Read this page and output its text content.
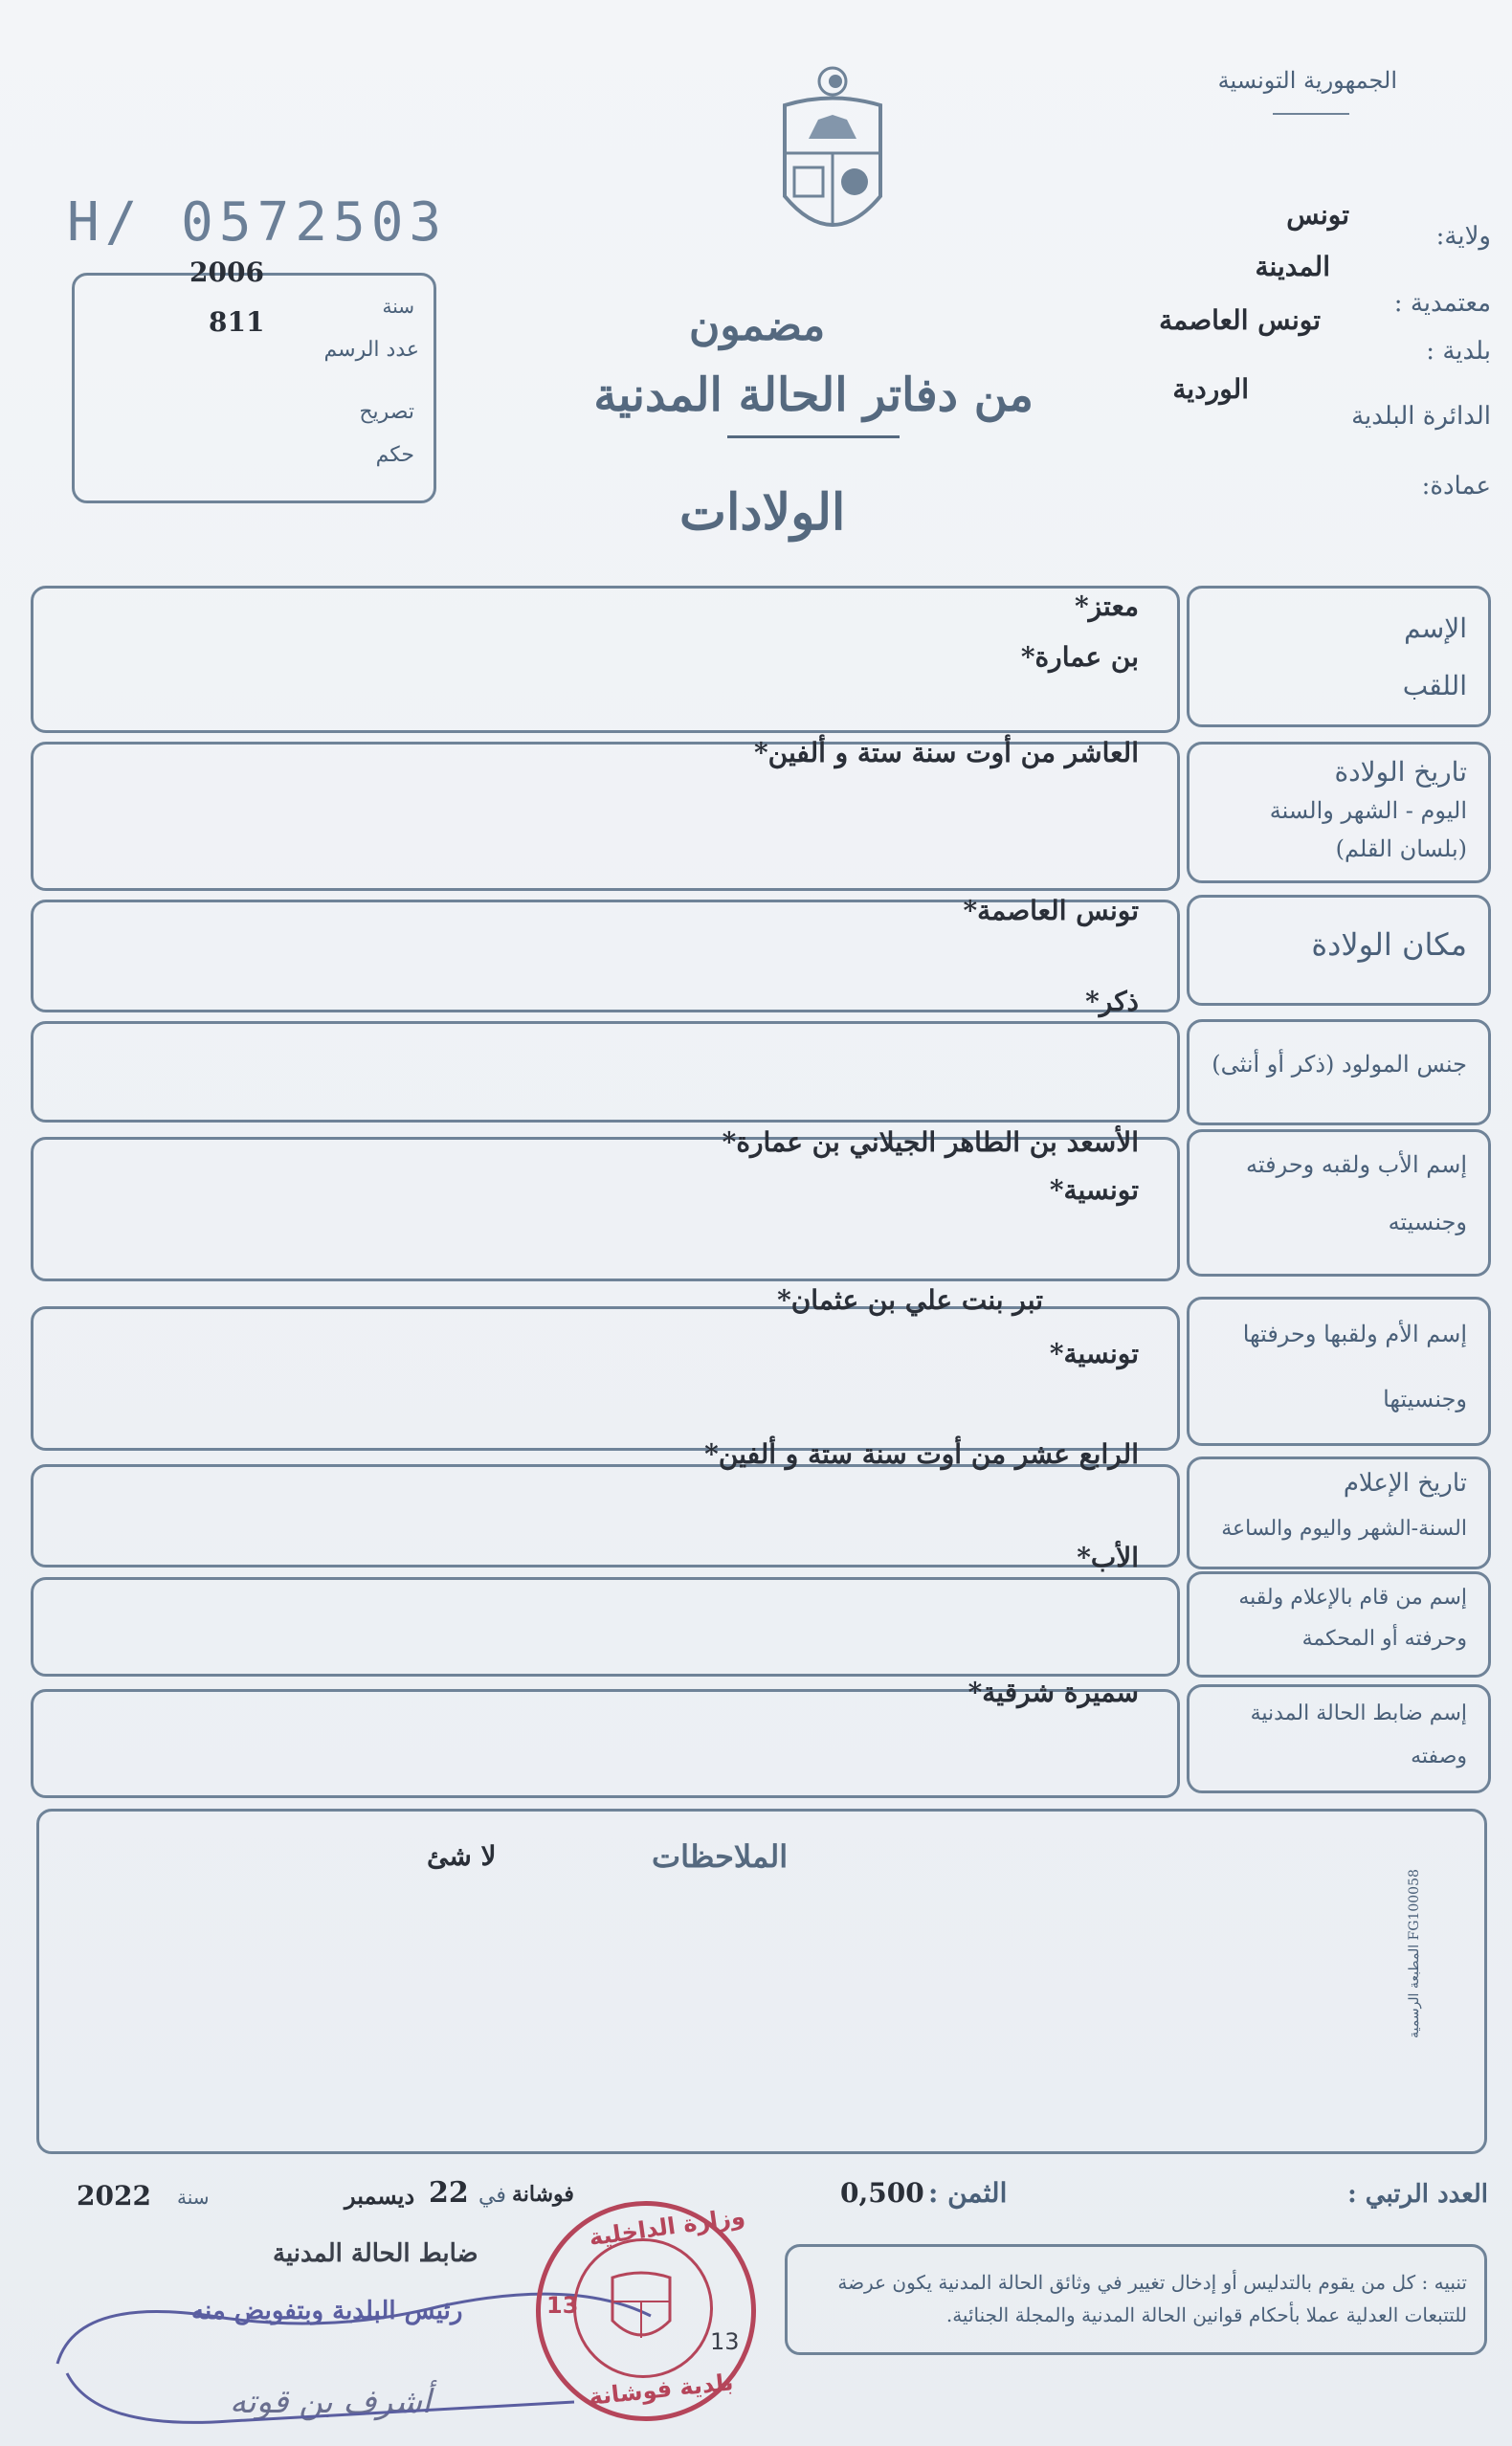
الجمهورية التونسية
H/ 0572503
2006
سنة
811
عدد الرسم
تصريح
حكم
مضمون
من دفاتر الحالة المدنية
الولادات
ولاية:
تونس
المدينة
معتمدية :
تونس العاصمة
بلدية :
الوردية
الدائرة البلدية
عمادة:
الإسم
اللقب
معتز *
بن عمارة *
تاريخ الولادة
اليوم - الشهر والسنة
(بلسان القلم)
العاشر من أوت سنة ستة و ألفين *
مكان الولادة
تونس العاصمة *
جنس المولود (ذكر أو أنثى)
ذكر *
إسم الأب ولقبه وحرفته
وجنسيته
الأسعد بن الطاهر الجيلاني بن عمارة *
تونسية *
إسم الأم ولقبها وحرفتها
وجنسيتها
تبر بنت علي بن عثمان *
تونسية *
تاريخ الإعلام
السنة-الشهر واليوم والساعة
الرابع عشر من أوت سنة ستة و ألفين *
إسم من قام بالإعلام ولقبه
وحرفته أو المحكمة
الأب *
إسم ضابط الحالة المدنية
وصفته
سميرة شرقية *
الملاحظات
لا شئ
المطبعة الرسمية FG100058
العدد الرتبي :
الثمن :
0,500
فوشانة
في
22
ديسمبر
سنة
2022
ضابط الحالة المدنية
رئيس البلدية وبتفويض منه
أشرف بن قوته
وزارة الداخلية
بلدية فوشانة
13
13
تنبيه : كل من يقوم بالتدليس أو إدخال تغيير في وثائق الحالة المدنية يكون عرضة للتتبعات العدلية عملا بأحكام قوانين الحالة المدنية والمجلة الجنائية.
